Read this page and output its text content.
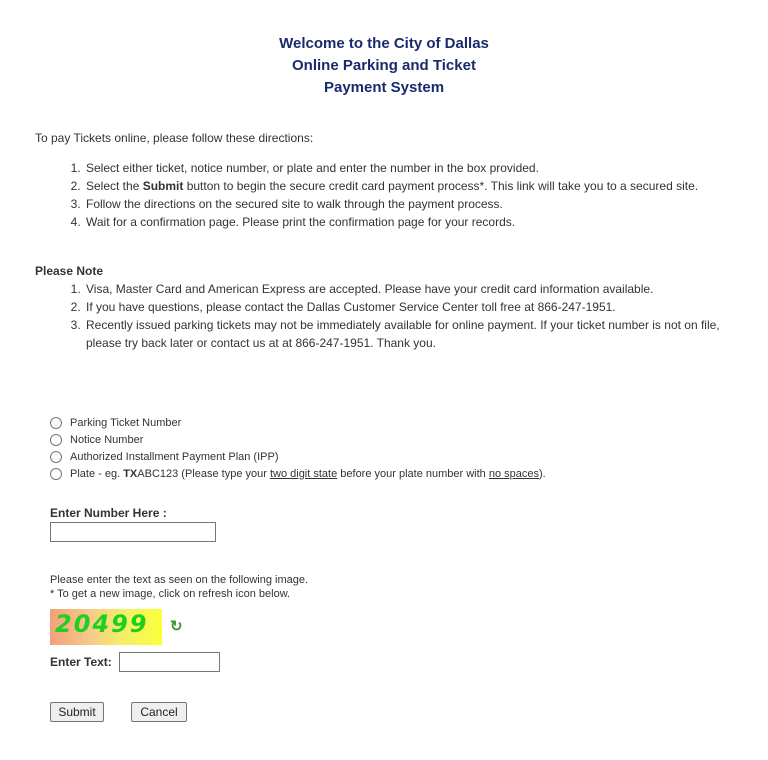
Welcome to the City of Dallas
Online Parking and Ticket
Payment System
To pay Tickets online, please follow these directions:
1. Select either ticket, notice number, or plate and enter the number in the box provided.
2. Select the Submit button to begin the secure credit card payment process*. This link will take you to a secured site.
3. Follow the directions on the secured site to walk through the payment process.
4. Wait for a confirmation page. Please print the confirmation page for your records.
Please Note
1. Visa, Master Card and American Express are accepted. Please have your credit card information available.
2. If you have questions, please contact the Dallas Customer Service Center toll free at 866-247-1951.
3. Recently issued parking tickets may not be immediately available for online payment. If your ticket number is not on file, please try back later or contact us at at 866-247-1951. Thank you.
Parking Ticket Number
Notice Number
Authorized Installment Payment Plan (IPP)
Plate - eg. TXABC123 (Please type your two digit state before your plate number with no spaces).
Enter Number Here :
Please enter the text as seen on the following image.
* To get a new image, click on refresh icon below.
20499 ↻
Enter Text:
Submit	Cancel
